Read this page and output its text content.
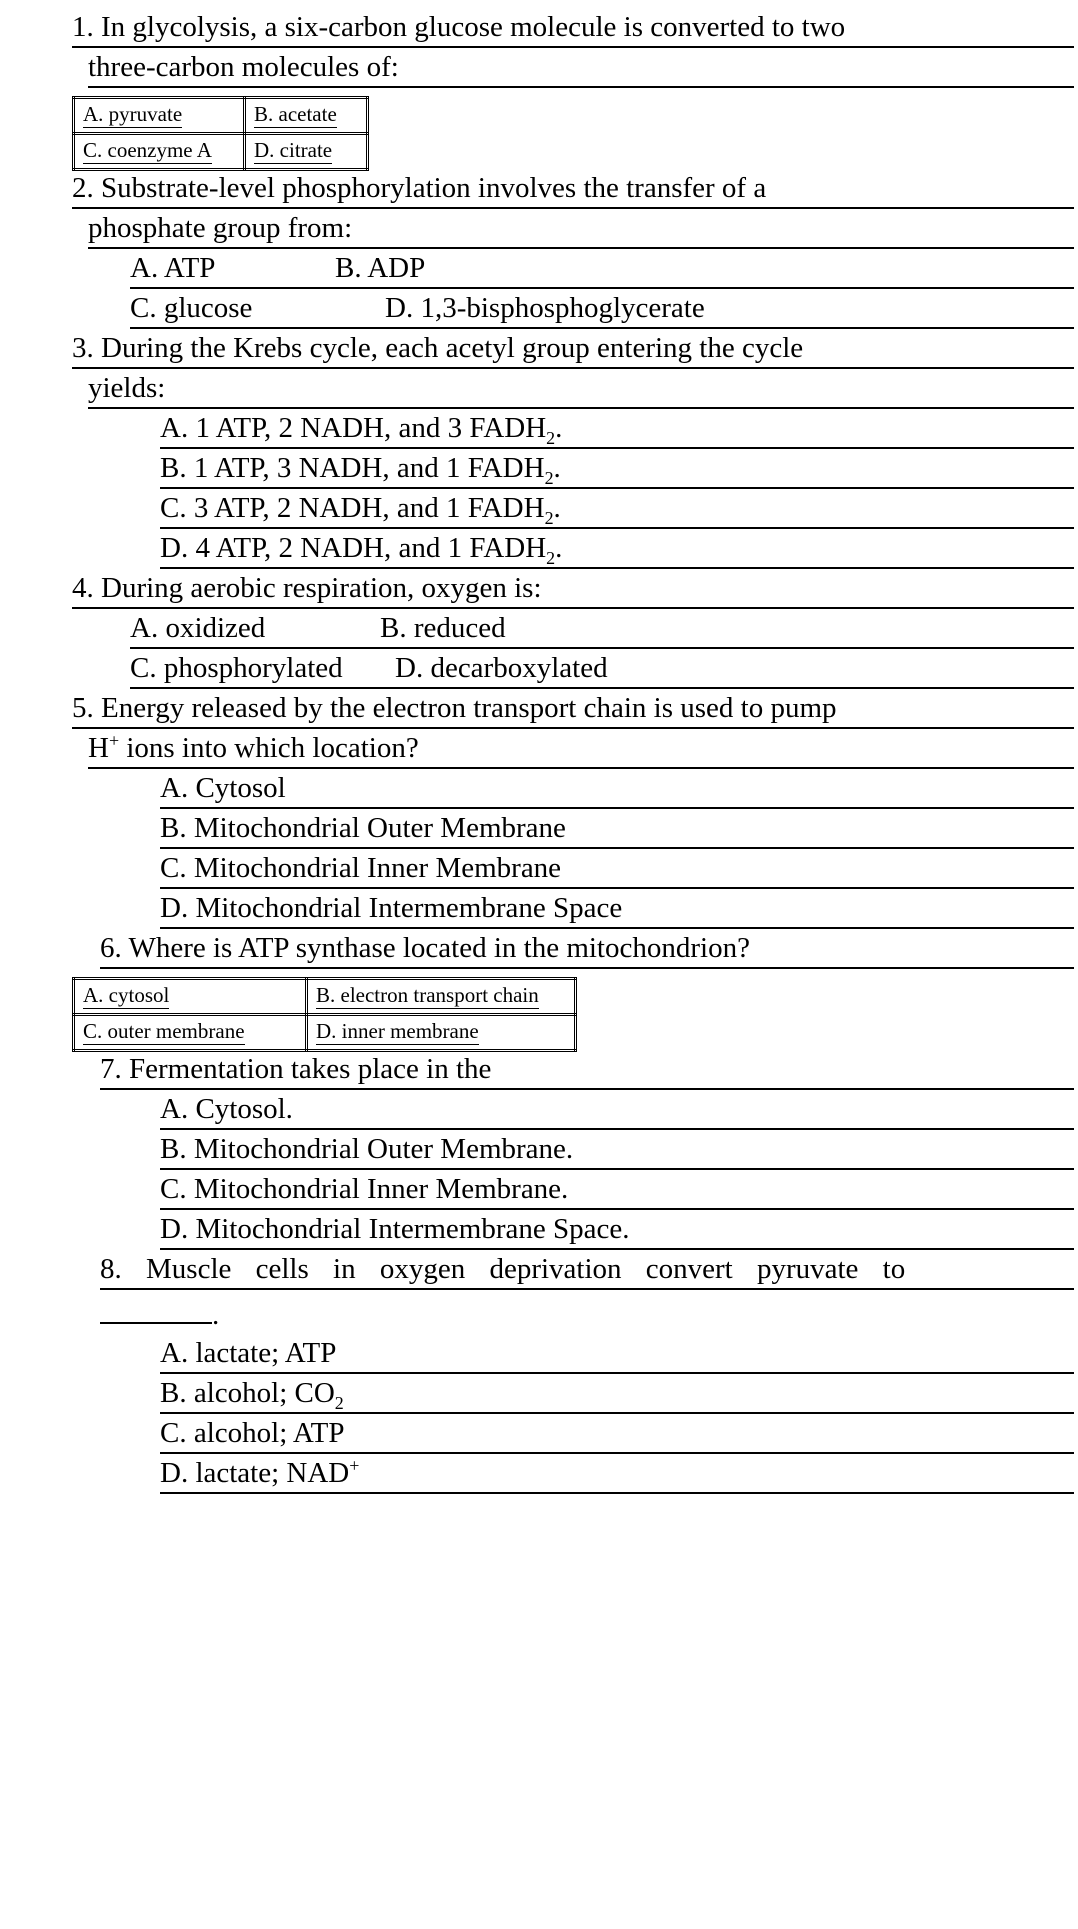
1. In glycolysis, a six-carbon glucose molecule is converted to two
three-carbon molecules of:
A. pyruvate	B. acetate
C. coenzyme A	D. citrate
2. Substrate-level phosphorylation involves the transfer of a
phosphate group from:
A. ATP	B. ADP
C. glucose	D. 1,3-bisphosphoglycerate
3. During the Krebs cycle, each acetyl group entering the cycle
yields:
A. 1 ATP, 2 NADH, and 3 $FADH_2$.
B. 1 ATP, 3 NADH, and 1 $FADH_2$.
C. 3 ATP, 2 NADH, and 1 $FADH_2$.
D. 4 ATP, 2 NADH, and 1 $FADH_2$.
4. During aerobic respiration, oxygen is:
A. oxidized	B. reduced
C. phosphorylated D. decarboxylated
5. Energy released by the electron transport chain is used to pump
H+ ions into which location?
A. Cytosol
B. Mitochondrial Outer Membrane
C. Mitochondrial Inner Membrane
D. Mitochondrial Intermembrane Space
6. Where is ATP synthase located in the mitochondrion?
A. cytosol	B. electron transport chain
C. outer membrane	D. inner membrane
7. Fermentation takes place in the
A. Cytosol.
B. Mitochondrial Outer Membrane.
C. Mitochondrial Inner Membrane.
D. Mitochondrial Intermembrane Space.
8. Muscle cells in oxygen deprivation convert pyruvate to
.
A. lactate; ATP
B. alcohol; $CO_2$
C. alcohol; ATP
D. lactate; NAD+
